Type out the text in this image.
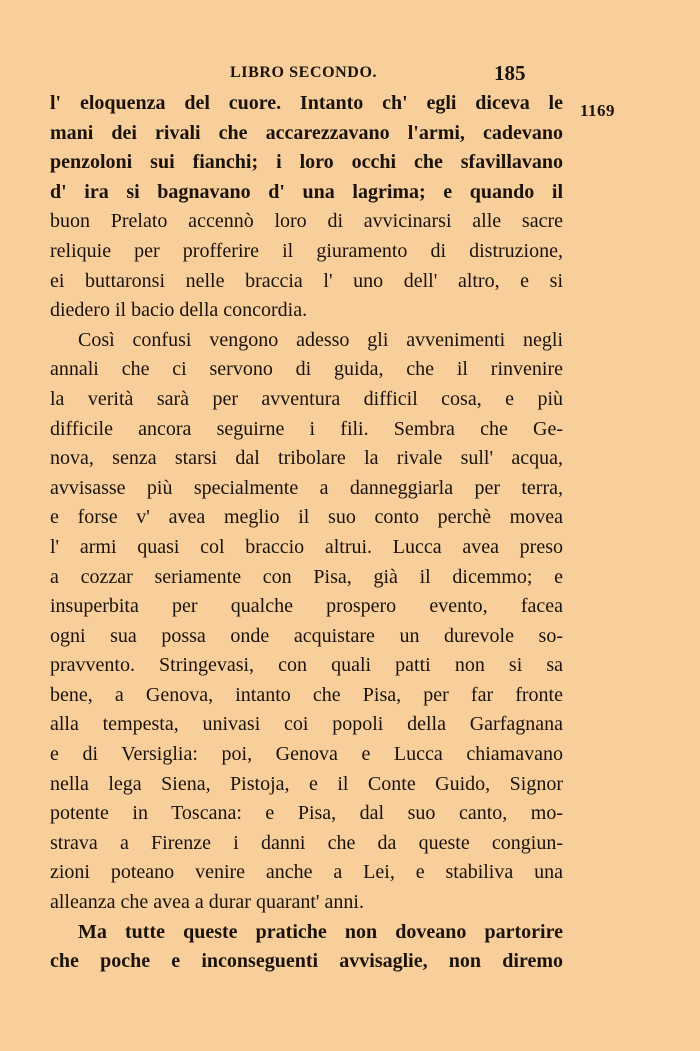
LIBRO SECONDO.	185
1169
l' eloquenza del cuore. Intanto ch' egli diceva le
mani dei rivali che accarezzavano l'armi, cadevano
penzoloni sui fianchi; i loro occhi che sfavillavano
d' ira si bagnavano d' una lagrima; e quando il
buon Prelato accennò loro di avvicinarsi alle sacre
reliquie per profferire il giuramento di distruzione,
ei buttaronsi nelle braccia l' uno dell' altro, e si
diedero il bacio della concordia.
Così confusi vengono adesso gli avvenimenti negli
annali che ci servono di guida, che il rinvenire
la verità sarà per avventura difficil cosa, e più
difficile ancora seguirne i fili. Sembra che Ge-
nova, senza starsi dal tribolare la rivale sull' acqua,
avvisasse più specialmente a danneggiarla per terra,
e forse v' avea meglio il suo conto perchè movea
l' armi quasi col braccio altrui. Lucca avea preso
a cozzar seriamente con Pisa, già il dicemmo; e
insuperbita per qualche prospero evento, facea
ogni sua possa onde acquistare un durevole so-
pravvento. Stringevasi, con quali patti non si sa
bene, a Genova, intanto che Pisa, per far fronte
alla tempesta, univasi coi popoli della Garfagnana
e di Versiglia: poi, Genova e Lucca chiamavano
nella lega Siena, Pistoja, e il Conte Guido, Signor
potente in Toscana: e Pisa, dal suo canto, mo-
strava a Firenze i danni che da queste congiun-
zioni poteano venire anche a Lei, e stabiliva una
alleanza che avea a durar quarant' anni.
Ma tutte queste pratiche non doveano partorire
che poche e inconseguenti avvisaglie, non diremo
